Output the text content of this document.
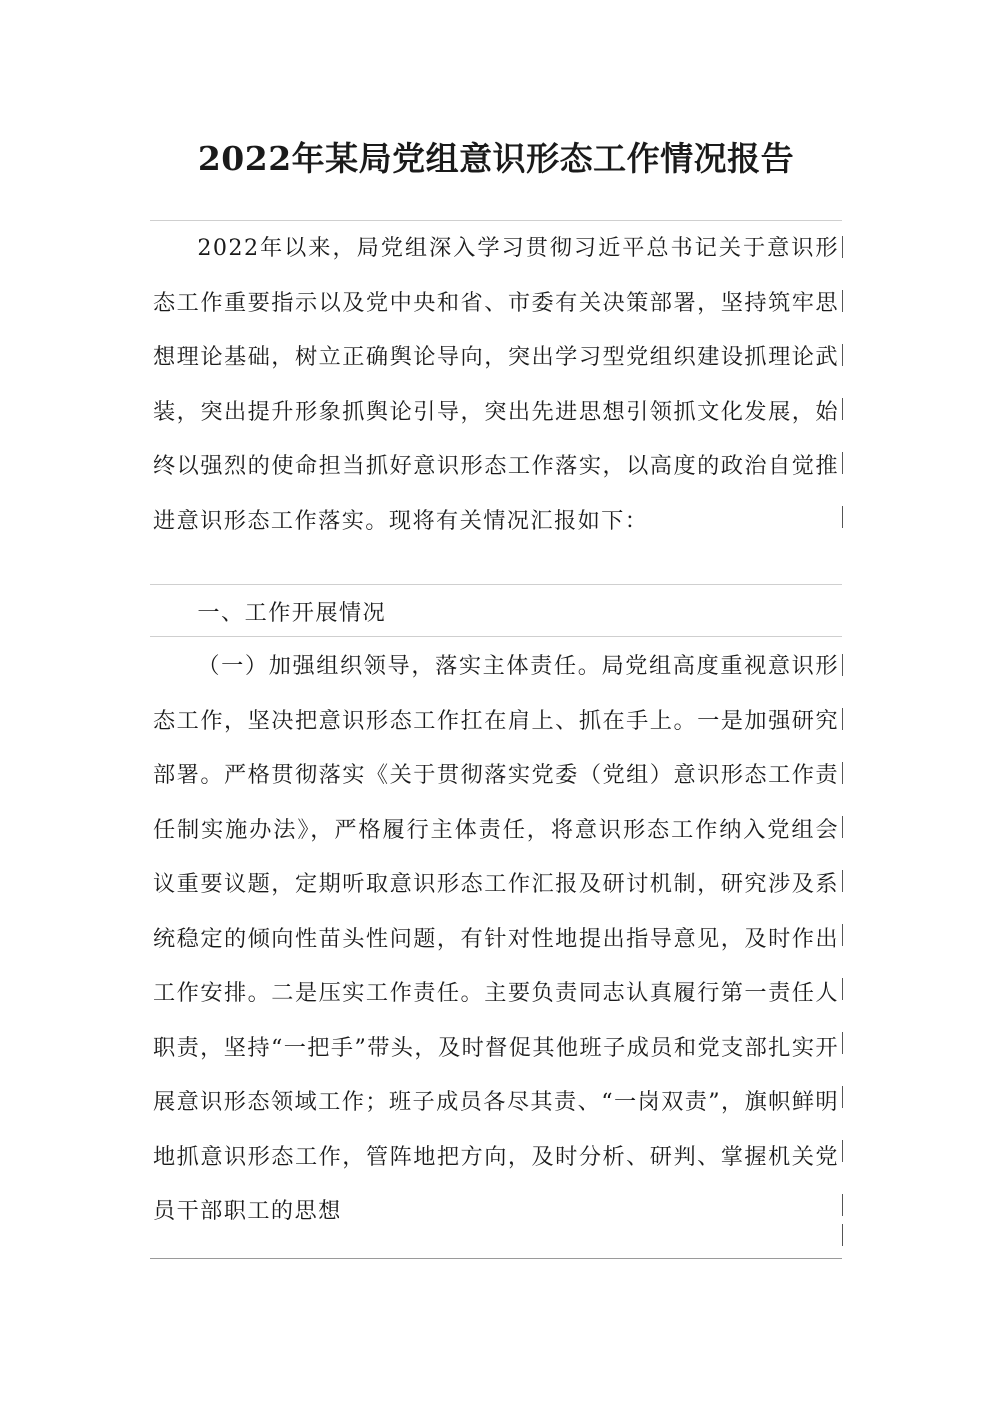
2022年某局党组意识形态工作情况报告

2022年以来，局党组深入学习贯彻习近平总书记关于意识形态工作重要指示以及党中央和省、市委有关决策部署，坚持筑牢思想理论基础，树立正确舆论导向，突出学习型党组织建设抓理论武装，突出提升形象抓舆论引导，突出先进思想引领抓文化发展，始终以强烈的使命担当抓好意识形态工作落实，以高度的政治自觉推进意识形态工作落实。现将有关情况汇报如下：

一、工作开展情况

（一）加强组织领导，落实主体责任。局党组高度重视意识形态工作，坚决把意识形态工作扛在肩上、抓在手上。一是加强研究部署。严格贯彻落实《关于贯彻落实党委（党组）意识形态工作责任制实施办法》，严格履行主体责任，将意识形态工作纳入党组会议重要议题，定期听取意识形态工作汇报及研讨机制，研究涉及系统稳定的倾向性苗头性问题，有针对性地提出指导意见，及时作出工作安排。二是压实工作责任。主要负责同志认真履行第一责任人职责，坚持“一把手”带头，及时督促其他班子成员和党支部扎实开展意识形态领域工作；班子成员各尽其责、“一岗双责”，旗帜鲜明地抓意识形态工作，管阵地把方向，及时分析、研判、掌握机关党员干部职工的思想
